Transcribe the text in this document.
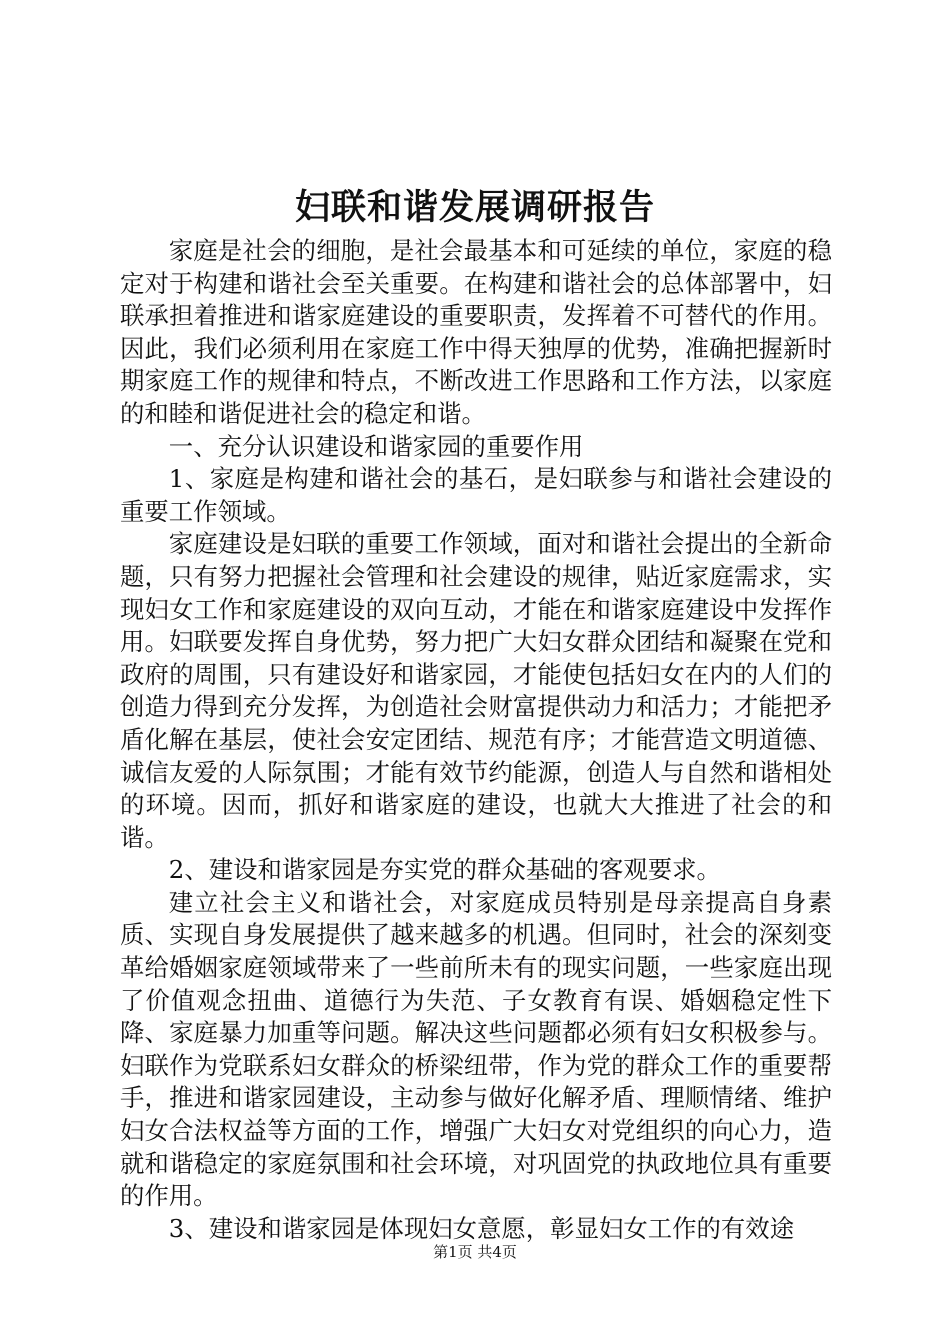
妇联和谐发展调研报告

家庭是社会的细胞，是社会最基本和可延续的单位，家庭的稳定对于构建和谐社会至关重要。在构建和谐社会的总体部署中，妇联承担着推进和谐家庭建设的重要职责，发挥着不可替代的作用。因此，我们必须利用在家庭工作中得天独厚的优势，准确把握新时期家庭工作的规律和特点，不断改进工作思路和工作方法，以家庭的和睦和谐促进社会的稳定和谐。

一、充分认识建设和谐家园的重要作用

1、家庭是构建和谐社会的基石，是妇联参与和谐社会建设的重要工作领域。

家庭建设是妇联的重要工作领域，面对和谐社会提出的全新命题，只有努力把握社会管理和社会建设的规律，贴近家庭需求，实现妇女工作和家庭建设的双向互动，才能在和谐家庭建设中发挥作用。妇联要发挥自身优势，努力把广大妇女群众团结和凝聚在党和政府的周围，只有建设好和谐家园，才能使包括妇女在内的人们的创造力得到充分发挥，为创造社会财富提供动力和活力；才能把矛盾化解在基层，使社会安定团结、规范有序；才能营造文明道德、诚信友爱的人际氛围；才能有效节约能源，创造人与自然和谐相处的环境。因而，抓好和谐家庭的建设，也就大大推进了社会的和谐。

2、建设和谐家园是夯实党的群众基础的客观要求。

建立社会主义和谐社会，对家庭成员特别是母亲提高自身素质、实现自身发展提供了越来越多的机遇。但同时，社会的深刻变革给婚姻家庭领域带来了一些前所未有的现实问题，一些家庭出现了价值观念扭曲、道德行为失范、子女教育有误、婚姻稳定性下降、家庭暴力加重等问题。解决这些问题都必须有妇女积极参与。妇联作为党联系妇女群众的桥梁纽带，作为党的群众工作的重要帮手，推进和谐家园建设，主动参与做好化解矛盾、理顺情绪、维护妇女合法权益等方面的工作，增强广大妇女对党组织的向心力，造就和谐稳定的家庭氛围和社会环境，对巩固党的执政地位具有重要的作用。

3、建设和谐家园是体现妇女意愿，彰显妇女工作的有效途

第1页 共4页
